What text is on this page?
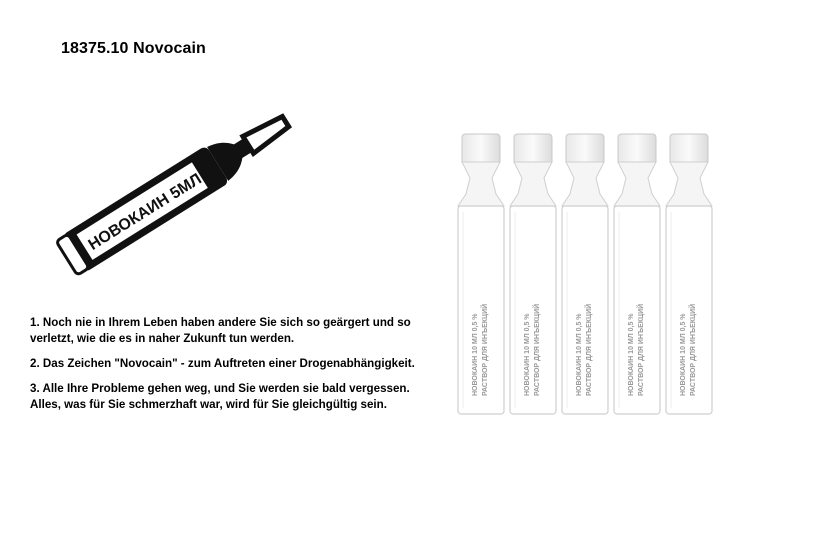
18375.10 Novocain
НОВОКАИН 5МЛ

1. Noch nie in Ihrem Leben haben andere Sie sich so geärgert und so verletzt, wie die es in naher Zukunft tun werden.

2. Das Zeichen "Novocain" - zum Auftreten einer Drogenabhängigkeit.

3. Alle Ihre Probleme gehen weg, und Sie werden sie bald vergessen. Alles, was für Sie schmerzhaft war, wird für Sie gleichgültig sein.

НОВОКАИН 10 МЛ 0,5 % РАСТВОР ДЛЯ ИНЪЕКЦИЙ	НОВОКАИН 10 МЛ 0,5 % РАСТВОР ДЛЯ ИНЪЕКЦИЙ	НОВОКАИН 10 МЛ 0,5 % РАСТВОР ДЛЯ ИНЪЕКЦИЙ	НОВОКАИН 10 МЛ 0,5 % РАСТВОР ДЛЯ ИНЪЕКЦИЙ	НОВОКАИН 10 МЛ 0,5 % РАСТВОР ДЛЯ ИНЪЕКЦИЙ
